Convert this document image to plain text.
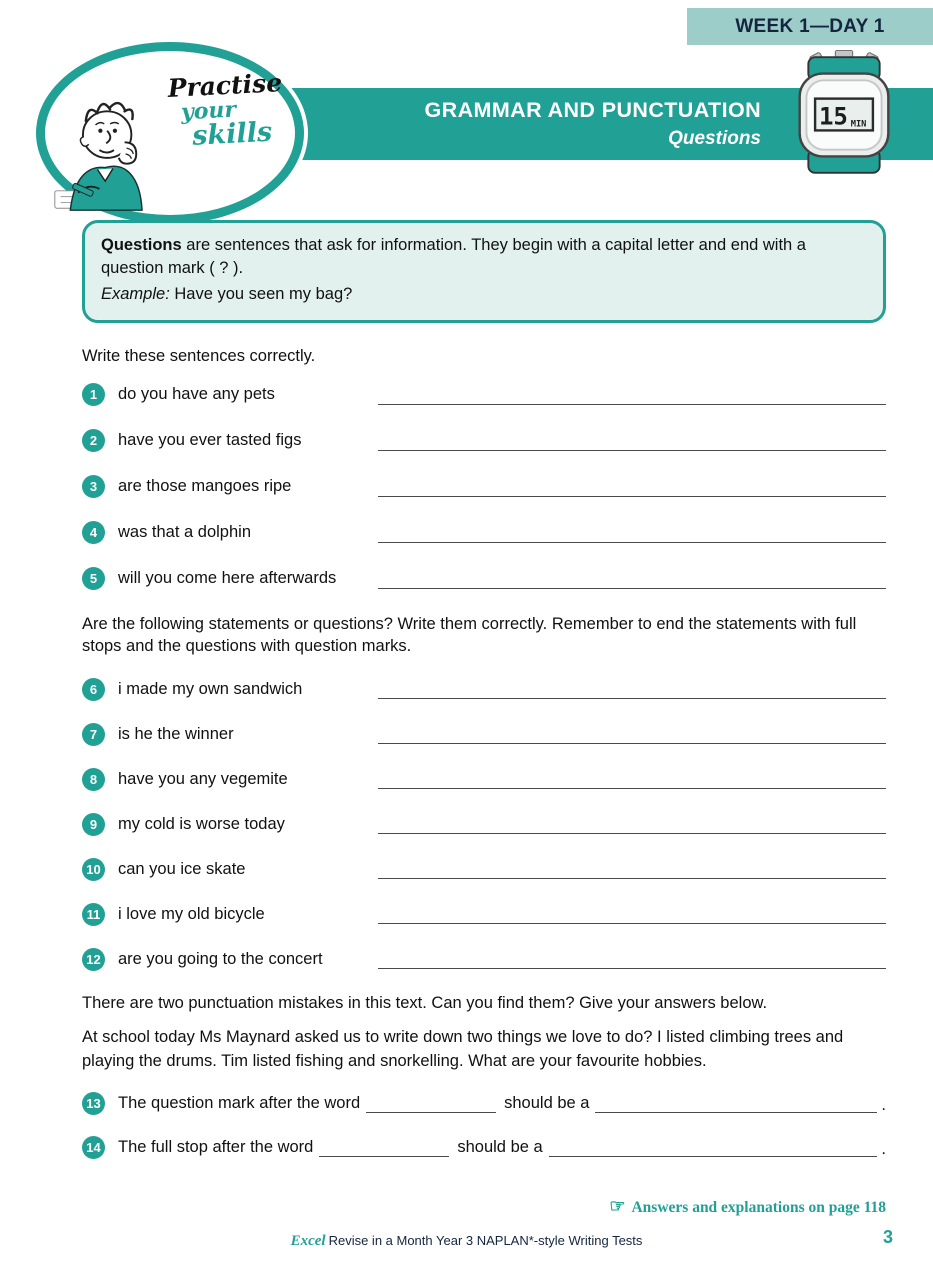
WEEK 1—DAY 1
GRAMMAR AND PUNCTUATION
Questions
Practise
your
skills	15 MIN

Questions are sentences that ask for information. They begin with a capital letter and end with a question mark ( ? ).

Example: Have you seen my bag?

Write these sentences correctly.

1	do you have any pets
2	have you ever tasted figs
3	are those mangoes ripe
4	was that a dolphin
5	will you come here afterwards

Are the following statements or questions? Write them correctly. Remember to end the statements with full stops and the questions with question marks.

6	i made my own sandwich
7	is he the winner
8	have you any vegemite
9	my cold is worse today
10 can you ice skate
11 i love my old bicycle
12 are you going to the concert

There are two punctuation mistakes in this text. Can you find them? Give your answers below.

At school today Ms Maynard asked us to write down two things we love to do? I listed climbing trees and playing the drums. Tim listed fishing and snorkelling. What are your favourite hobbies.

13 The question mark after the word	should be a	.
14 The full stop after the word	should be a	.
☞ Answers and explanations on page 118
Excel Revise in a Month Year 3 NAPLAN*-style Writing Tests	3
